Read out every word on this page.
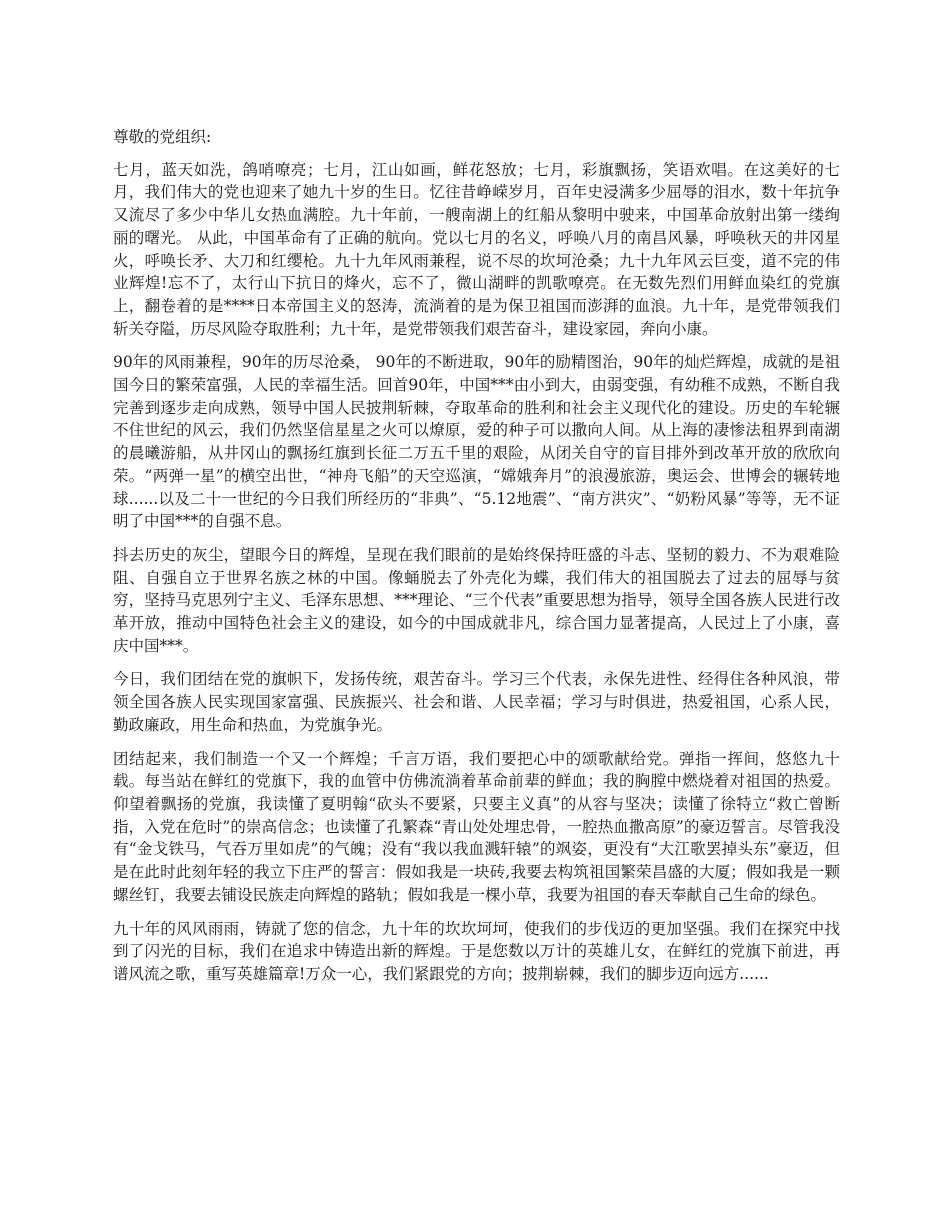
尊敬的党组织:

七月，蓝天如洗，鸽哨嘹亮；七月，江山如画，鲜花怒放；七月，彩旗飘扬，笑语欢唱。在这美好的七月，我们伟大的党也迎来了她九十岁的生日。忆往昔峥嵘岁月，百年史浸满多少屈辱的泪水，数十年抗争又流尽了多少中华儿女热血满腔。九十年前，一艘南湖上的红船从黎明中驶来，中国革命放射出第一缕绚丽的曙光。 从此，中国革命有了正确的航向。党以七月的名义，呼唤八月的南昌风暴，呼唤秋天的井冈星火，呼唤长矛、大刀和红缨枪。九十九年风雨兼程，说不尽的坎坷沧桑；九十九年风云巨变，道不完的伟业辉煌!忘不了，太行山下抗日的烽火，忘不了，微山湖畔的凯歌嘹亮。在无数先烈们用鲜血染红的党旗上，翻卷着的是****日本帝国主义的怒涛，流淌着的是为保卫祖国而澎湃的血浪。九十年，是党带领我们斩关夺隘，历尽风险夺取胜利；九十年，是党带领我们艰苦奋斗，建设家园，奔向小康。

90年的风雨兼程，90年的历尽沧桑， 90年的不断进取，90年的励精图治，90年的灿烂辉煌，成就的是祖国今日的繁荣富强，人民的幸福生活。回首90年，中国***由小到大，由弱变强，有幼稚不成熟，不断自我完善到逐步走向成熟，领导中国人民披荆斩棘，夺取革命的胜利和社会主义现代化的建设。历史的车轮辗不住世纪的风云，我们仍然坚信星星之火可以燎原，爱的种子可以撒向人间。从上海的凄惨法租界到南湖的晨曦游船，从井冈山的飘扬红旗到长征二万五千里的艰险，从闭关自守的盲目排外到改革开放的欣欣向荣。“两弹一星”的横空出世，“神舟飞船”的天空巡演，“嫦娥奔月”的浪漫旅游，奥运会、世博会的辗转地球......以及二十一世纪的今日我们所经历的“非典”、“5.12地震”、“南方洪灾”、“奶粉风暴”等等，无不证明了中国***的自强不息。

抖去历史的灰尘，望眼今日的辉煌，呈现在我们眼前的是始终保持旺盛的斗志、坚韧的毅力、不为艰难险阻、自强自立于世界名族之林的中国。像蛹脱去了外壳化为蝶，我们伟大的祖国脱去了过去的屈辱与贫穷，坚持马克思列宁主义、毛泽东思想、***理论、“三个代表”重要思想为指导，领导全国各族人民进行改革开放，推动中国特色社会主义的建设，如今的中国成就非凡，综合国力显著提高，人民过上了小康，喜庆中国***。

今日，我们团结在党的旗帜下，发扬传统，艰苦奋斗。学习三个代表，永保先进性、经得住各种风浪，带领全国各族人民实现国家富强、民族振兴、社会和谐、人民幸福；学习与时俱进，热爱祖国，心系人民，勤政廉政，用生命和热血，为党旗争光。

团结起来，我们制造一个又一个辉煌；千言万语，我们要把心中的颂歌献给党。弹指一挥间，悠悠九十载。每当站在鲜红的党旗下，我的血管中仿佛流淌着革命前辈的鲜血；我的胸膛中燃烧着对祖国的热爱。仰望着飘扬的党旗，我读懂了夏明翰“砍头不要紧，只要主义真”的从容与坚决；读懂了徐特立“救亡曾断指，入党在危时”的崇高信念；也读懂了孔繁森“青山处处埋忠骨，一腔热血撒高原”的豪迈誓言。尽管我没有“金戈铁马，气吞万里如虎”的气魄；没有“我以我血溅轩辕”的飒姿，更没有“大江歌罢掉头东”豪迈，但是在此时此刻年轻的我立下庄严的誓言：假如我是一块砖,我要去构筑祖国繁荣昌盛的大厦；假如我是一颗螺丝钉，我要去铺设民族走向辉煌的路轨；假如我是一棵小草，我要为祖国的春天奉献自己生命的绿色。

九十年的风风雨雨，铸就了您的信念，九十年的坎坎坷坷，使我们的步伐迈的更加坚强。我们在探究中找到了闪光的目标，我们在追求中铸造出新的辉煌。于是您数以万计的英雄儿女，在鲜红的党旗下前进，再谱风流之歌，重写英雄篇章!万众一心，我们紧跟党的方向；披荆崭棘，我们的脚步迈向远方......
